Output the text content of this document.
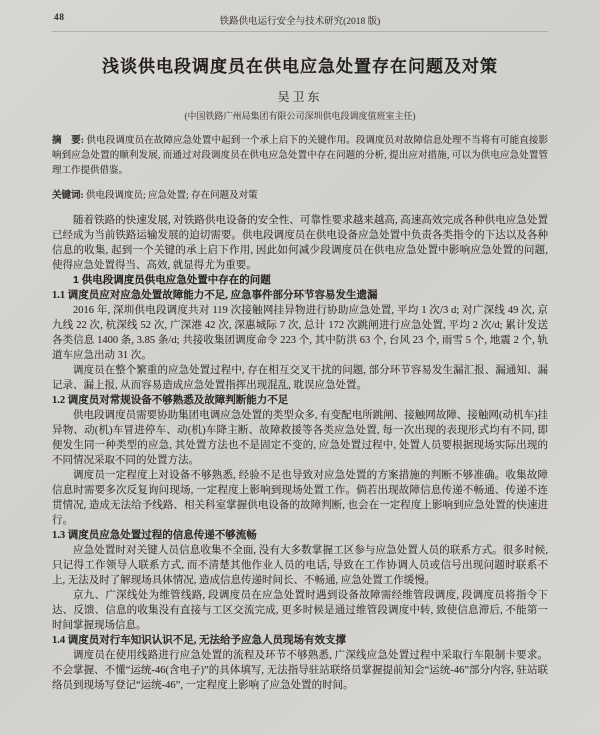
48	铁路供电运行安全与技术研究(2018 版)
浅谈供电段调度员在供电应急处置存在问题及对策
吴卫东
(中国铁路广州局集团有限公司深圳供电段调度值班室主任)

摘　要: 供电段调度员在故障应急处置中起到一个承上启下的关键作用。段调度员对故障信息处理不当将有可能直接影响到应急处置的顺利发展, 而通过对段调度员在供电应急处置中存在问题的分析, 提出应对措施, 可以为供电应急处置管理工作提供借鉴。

关键词: 供电段调度员; 应急处置; 存在问题及对策

随着铁路的快速发展, 对铁路供电设备的安全性、可靠性要求越来越高, 高速高效完成各种供电应急处置已经成为当前铁路运输发展的迫切需要。供电段调度员在供电设备应急处置中负责各类指令的下达以及各种信息的收集, 起到一个关键的承上启下作用, 因此如何减少段调度员在供电应急处置中影响应急处置的问题, 使得应急处置得当、高效, 就显得尤为重要。

1 供电段调度员供电应急处置中存在的问题

1.1 调度员应对应急处置故障能力不足, 应急事件部分环节容易发生遗漏

2016 年, 深圳供电段调度共对 119 次接触网挂异物进行协助应急处置, 平均 1 次/3 d; 对广深线 49 次, 京九线 22 次, 杭深线 52 次, 广深港 42 次, 深惠城际 7 次, 总计 172 次跳闸进行应急处置, 平均 2 次/d; 累计发送各类信息 1400 条, 3.85 条/d; 共接收集团调度命令 223 个, 其中防洪 63 个, 台风 23 个, 雨雪 5 个, 地震 2 个, 轨道车应急出动 31 次。

调度员在整个繁重的应急处置过程中, 存在相互交叉干扰的问题, 部分环节容易发生漏汇报、漏通知、漏记录、漏上报, 从而容易造成应急处置指挥出现混乱, 耽误应急处置。

1.2 调度员对常规设备不够熟悉及故障判断能力不足

供电段调度员需要协助集团电调应急处置的类型众多, 有变配电所跳闸、接触网故障、接触网(动机车)挂异物、动(机)车冒进停车、动(机)车降主断、故障救援等各类应急处置, 每一次出现的表现形式均有不同, 即便发生同一种类型的应急, 其处置方法也不是固定不变的, 应急处置过程中, 处置人员要根据现场实际出现的不同情况采取不同的处置方法。

调度员一定程度上对设备不够熟悉, 经验不足也导致对应急处置的方案措施的判断不够准确。收集故障信息时需要多次反复询问现场, 一定程度上影响到现场处置工作。倘若出现故障信息传递不畅通、传递不连贯情况, 造成无法给予线路、相关科室掌握供电设备的故障判断, 也会在一定程度上影响到应急处置的快速进行。

1.3 调度员应急处置过程的信息传递不够流畅

应急处置时对关键人员信息收集不全面, 没有大多数掌握工区参与应急处置人员的联系方式。很多时候, 只记得工作领导人联系方式, 而不清楚其他作业人员的电话, 导致在工作协调人员或信号出现问题时联系不上, 无法及时了解现场具体情况, 造成信息传递时间长、不畅通, 应急处置工作缓慢。

京九、广深线处为维管线路, 段调度员在应急处置时遇到设备故障需经维管段调度, 段调度员将指令下达、反馈、信息的收集没有直接与工区交流完成, 更多时候是通过维管段调度中转, 致使信息滞后, 不能第一时间掌握现场信息。

1.4 调度员对行车知识认识不足, 无法给予应急人员现场有效支撑

调度员在使用线路进行应急处置的流程及环节不够熟悉, 广深线应急处置过程中采取行车限制卡要求。不会掌握、不懂“运统-46(含电子)”的具体填写, 无法指导驻站联络员掌握提前知会“运统-46”部分内容, 驻站联络员到现场写登记“运统-46”, 一定程度上影响了应急处置的时间。
